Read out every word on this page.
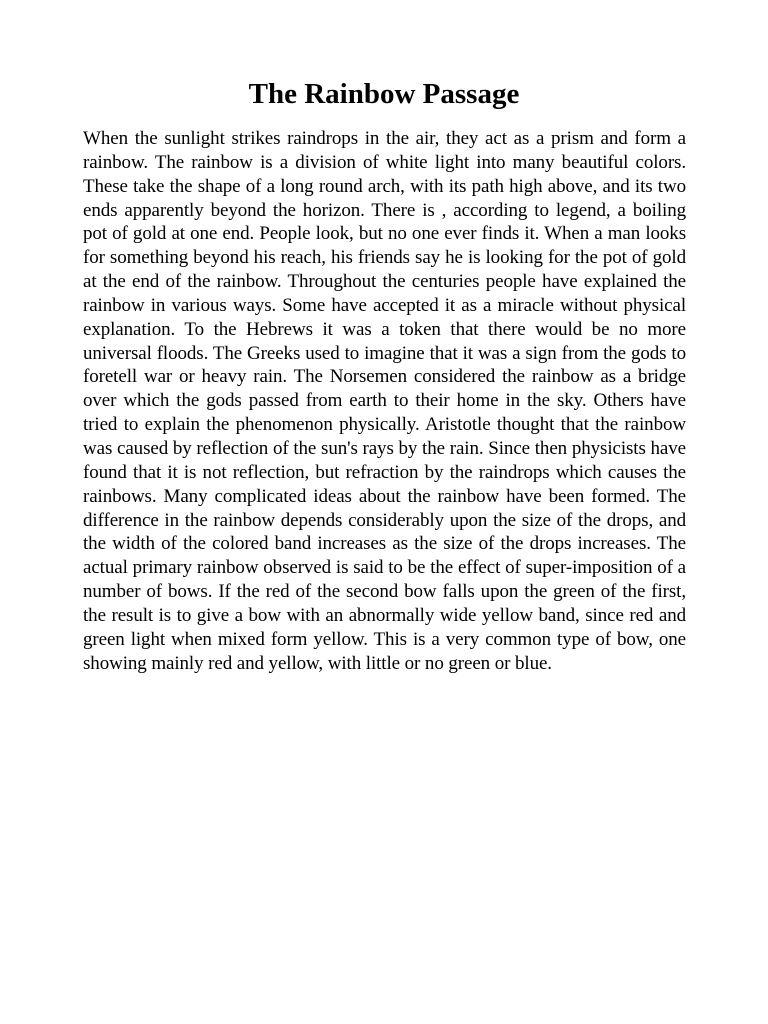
The Rainbow Passage

When the sunlight strikes raindrops in the air, they act as a prism and form a rainbow. The rainbow is a division of white light into many beautiful colors. These take the shape of a long round arch, with its path high above, and its two ends apparently beyond the horizon. There is , according to legend, a boiling pot of gold at one end. People look, but no one ever finds it. When a man looks for something beyond his reach, his friends say he is looking for the pot of gold at the end of the rainbow. Throughout the centuries people have explained the rainbow in various ways. Some have accepted it as a miracle without physical explanation. To the Hebrews it was a token that there would be no more universal floods. The Greeks used to imagine that it was a sign from the gods to foretell war or heavy rain. The Norsemen considered the rainbow as a bridge over which the gods passed from earth to their home in the sky. Others have tried to explain the phenomenon physically. Aristotle thought that the rainbow was caused by reflection of the sun's rays by the rain. Since then physicists have found that it is not reflection, but refraction by the raindrops which causes the rainbows. Many complicated ideas about the rainbow have been formed. The difference in the rainbow depends considerably upon the size of the drops, and the width of the colored band increases as the size of the drops increases. The actual primary rainbow observed is said to be the effect of super-imposition of a number of bows. If the red of the second bow falls upon the green of the first, the result is to give a bow with an abnormally wide yellow band, since red and green light when mixed form yellow. This is a very common type of bow, one showing mainly red and yellow, with little or no green or blue.
